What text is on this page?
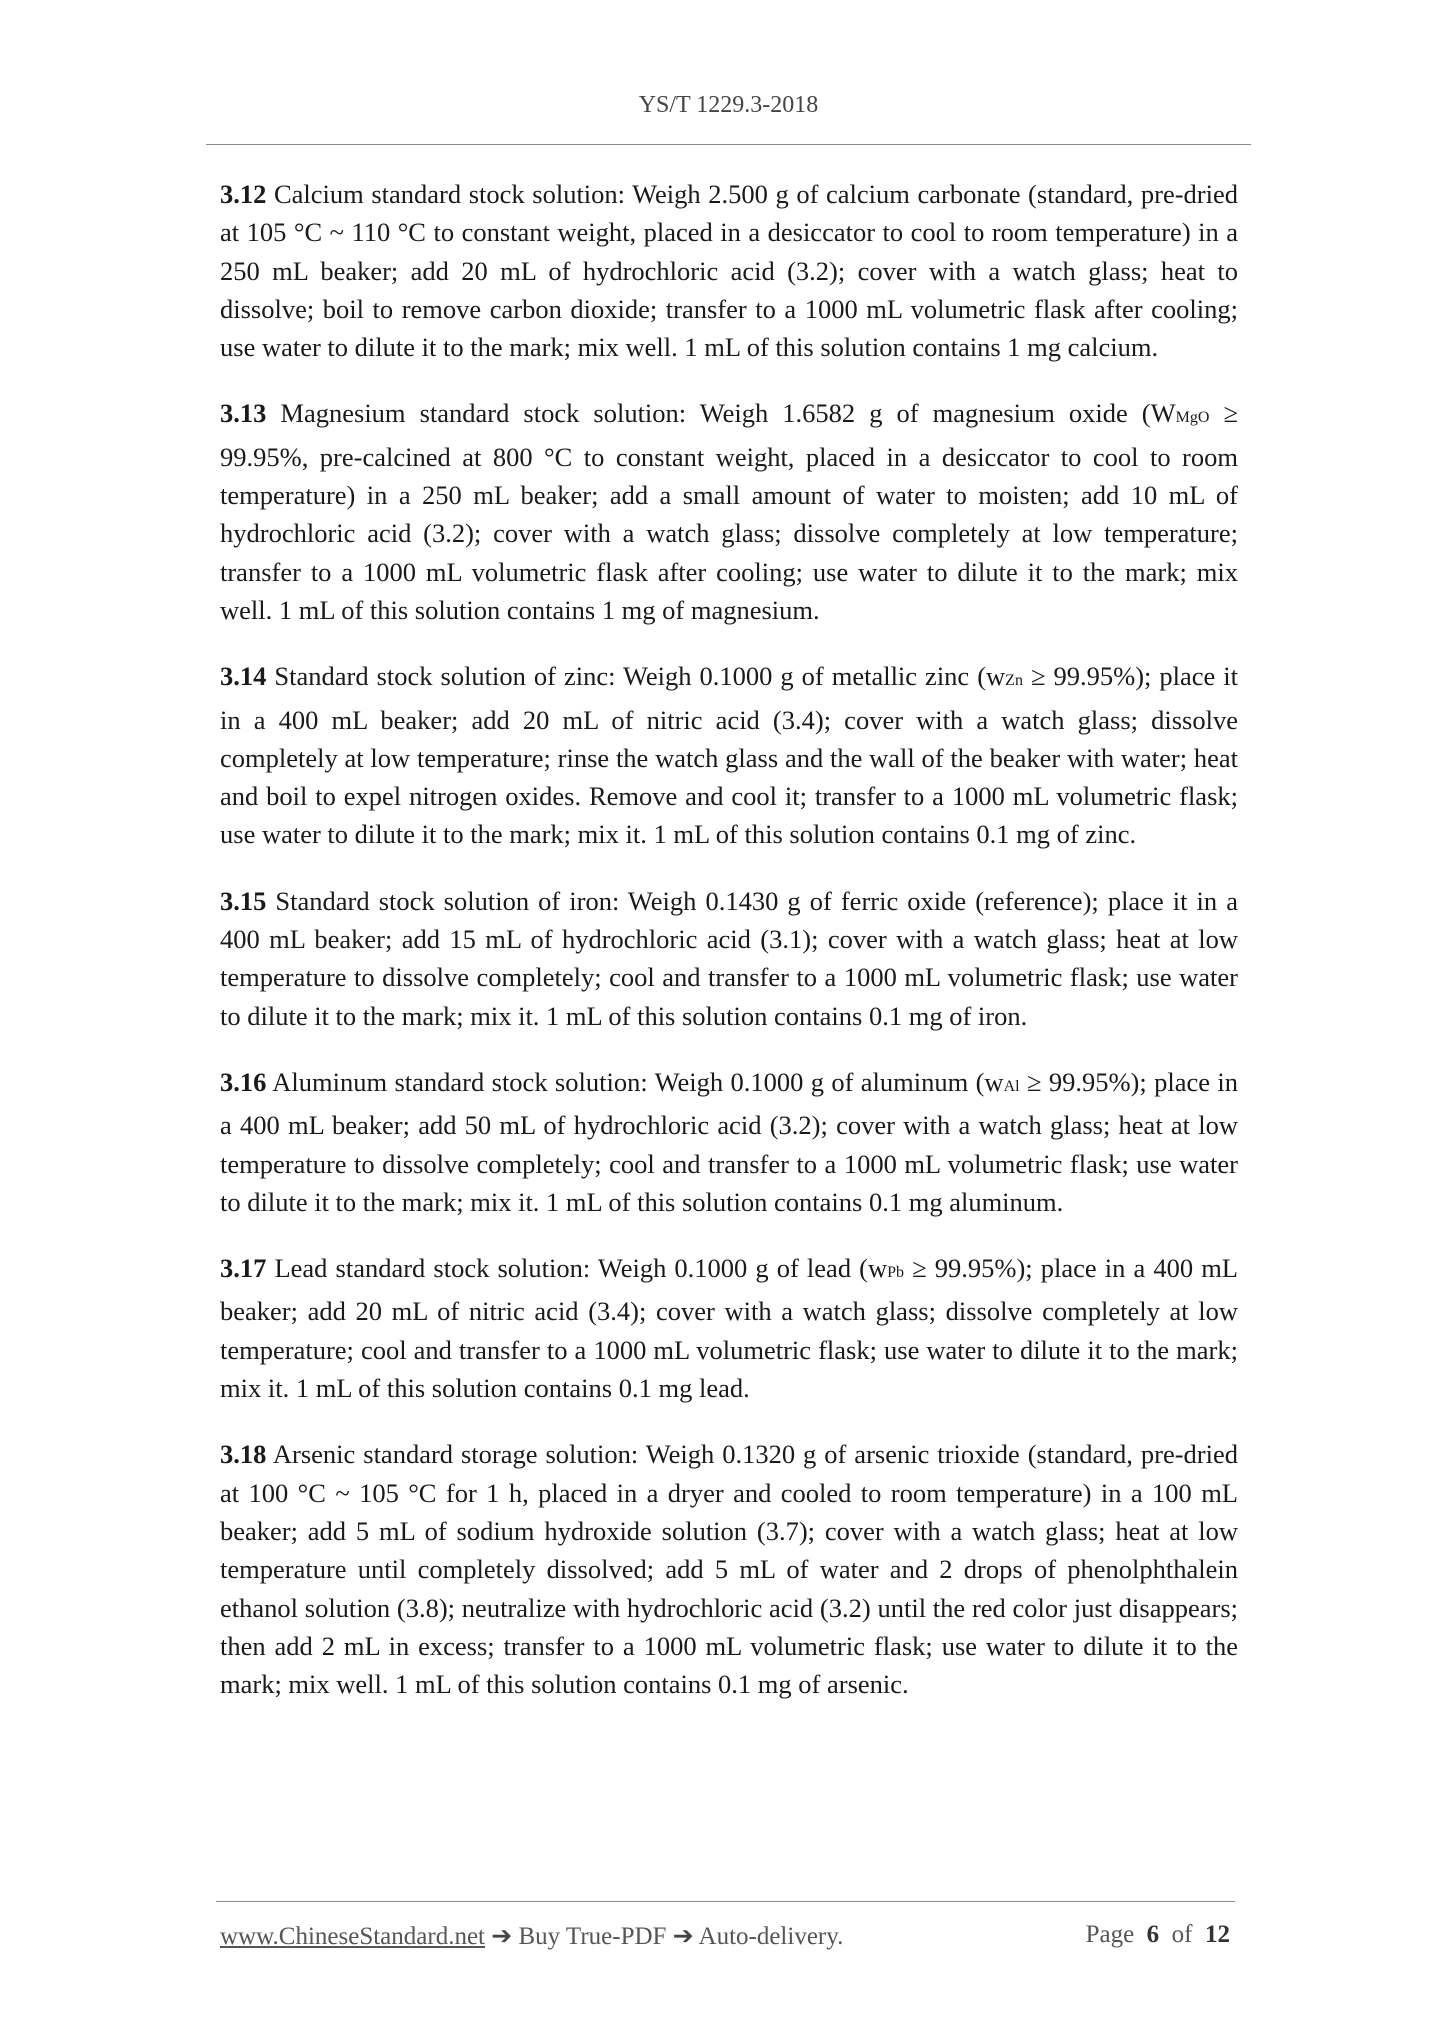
YS/T 1229.3-2018

3.12 Calcium standard stock solution: Weigh 2.500 g of calcium carbonate (standard, pre-dried at 105 °C ~ 110 °C to constant weight, placed in a desiccator to cool to room temperature) in a 250 mL beaker; add 20 mL of hydrochloric acid (3.2); cover with a watch glass; heat to dissolve; boil to remove carbon dioxide; transfer to a 1000 mL volumetric flask after cooling; use water to dilute it to the mark; mix well. 1 mL of this solution contains 1 mg calcium.

3.13 Magnesium standard stock solution: Weigh 1.6582 g of magnesium oxide (WMgO ≥ 99.95%, pre-calcined at 800 °C to constant weight, placed in a desiccator to cool to room temperature) in a 250 mL beaker; add a small amount of water to moisten; add 10 mL of hydrochloric acid (3.2); cover with a watch glass; dissolve completely at low temperature; transfer to a 1000 mL volumetric flask after cooling; use water to dilute it to the mark; mix well. 1 mL of this solution contains 1 mg of magnesium.

3.14 Standard stock solution of zinc: Weigh 0.1000 g of metallic zinc (wZn ≥ 99.95%); place it in a 400 mL beaker; add 20 mL of nitric acid (3.4); cover with a watch glass; dissolve completely at low temperature; rinse the watch glass and the wall of the beaker with water; heat and boil to expel nitrogen oxides. Remove and cool it; transfer to a 1000 mL volumetric flask; use water to dilute it to the mark; mix it. 1 mL of this solution contains 0.1 mg of zinc.

3.15 Standard stock solution of iron: Weigh 0.1430 g of ferric oxide (reference); place it in a 400 mL beaker; add 15 mL of hydrochloric acid (3.1); cover with a watch glass; heat at low temperature to dissolve completely; cool and transfer to a 1000 mL volumetric flask; use water to dilute it to the mark; mix it. 1 mL of this solution contains 0.1 mg of iron.

3.16 Aluminum standard stock solution: Weigh 0.1000 g of aluminum (wAl ≥ 99.95%); place in a 400 mL beaker; add 50 mL of hydrochloric acid (3.2); cover with a watch glass; heat at low temperature to dissolve completely; cool and transfer to a 1000 mL volumetric flask; use water to dilute it to the mark; mix it. 1 mL of this solution contains 0.1 mg aluminum.

3.17 Lead standard stock solution: Weigh 0.1000 g of lead (wPb ≥ 99.95%); place in a 400 mL beaker; add 20 mL of nitric acid (3.4); cover with a watch glass; dissolve completely at low temperature; cool and transfer to a 1000 mL volumetric flask; use water to dilute it to the mark; mix it. 1 mL of this solution contains 0.1 mg lead.

3.18 Arsenic standard storage solution: Weigh 0.1320 g of arsenic trioxide (standard, pre-dried at 100 °C ~ 105 °C for 1 h, placed in a dryer and cooled to room temperature) in a 100 mL beaker; add 5 mL of sodium hydroxide solution (3.7); cover with a watch glass; heat at low temperature until completely dissolved; add 5 mL of water and 2 drops of phenolphthalein ethanol solution (3.8); neutralize with hydrochloric acid (3.2) until the red color just disappears; then add 2 mL in excess; transfer to a 1000 mL volumetric flask; use water to dilute it to the mark; mix well. 1 mL of this solution contains 0.1 mg of arsenic.

www.ChineseStandard.net ➔ Buy True-PDF ➔ Auto-delivery.	Page 6 of 12
